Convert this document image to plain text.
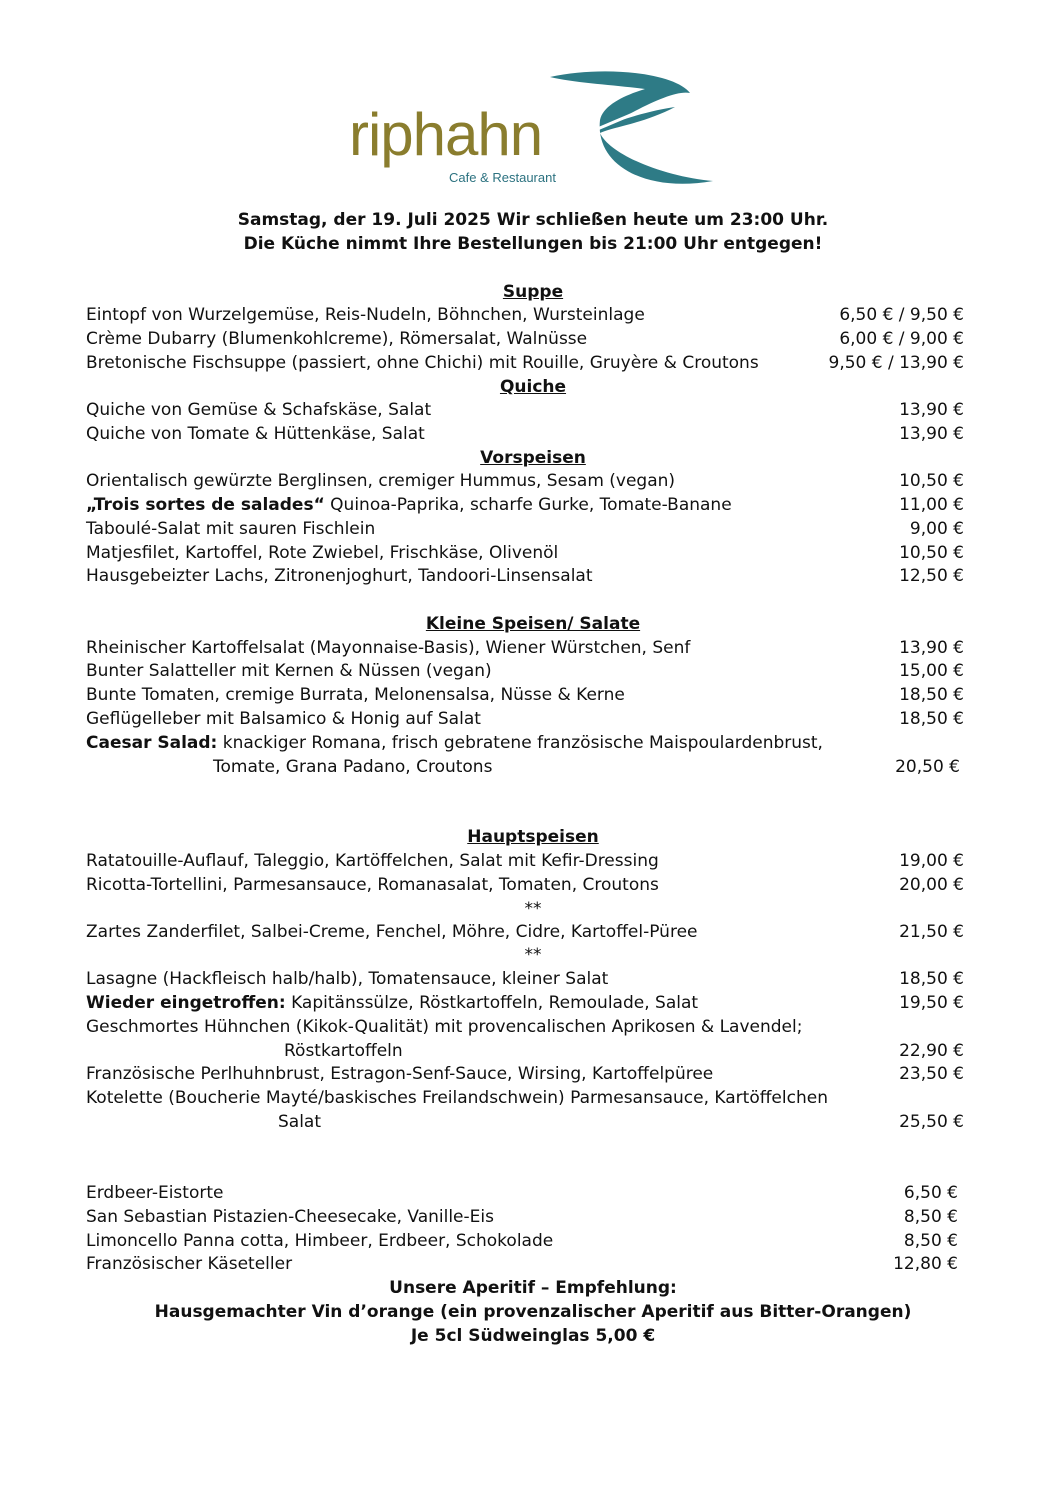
riphahn
Cafe & Restaurant
Samstag, der 19. Juli 2025 Wir schließen heute um 23:00 Uhr.
Die Küche nimmt Ihre Bestellungen bis 21:00 Uhr entgegen!
Suppe
Eintopf von Wurzelgemüse, Reis-Nudeln, Böhnchen, Wursteinlage	6,50 € / 9,50 €
Crème Dubarry (Blumenkohlcreme), Römersalat, Walnüsse	6,00 € / 9,00 €
Bretonische Fischsuppe (passiert, ohne Chichi) mit Rouille, Gruyère & Croutons	9,50 € / 13,90 €
Quiche
Quiche von Gemüse & Schafskäse, Salat	13,90 €
Quiche von Tomate & Hüttenkäse, Salat	13,90 €
Vorspeisen
Orientalisch gewürzte Berglinsen, cremiger Hummus, Sesam (vegan)	10,50 €
„Trois sortes de salades“ Quinoa-Paprika, scharfe Gurke, Tomate-Banane	11,00 €
Taboulé-Salat mit sauren Fischlein	9,00 €
Matjesfilet, Kartoffel, Rote Zwiebel, Frischkäse, Olivenöl	10,50 €
Hausgebeizter Lachs, Zitronenjoghurt, Tandoori-Linsensalat	12,50 €
Kleine Speisen/ Salate
Rheinischer Kartoffelsalat (Mayonnaise-Basis), Wiener Würstchen, Senf	13,90 €
Bunter Salatteller mit Kernen & Nüssen (vegan)	15,00 €
Bunte Tomaten, cremige Burrata, Melonensalsa, Nüsse & Kerne	18,50 €
Geflügelleber mit Balsamico & Honig auf Salat	18,50 €
Caesar Salad: knackiger Romana, frisch gebratene französische Maispoulardenbrust,
Tomate, Grana Padano, Croutons	20,50 €
Hauptspeisen
Ratatouille-Auflauf, Taleggio, Kartöffelchen, Salat mit Kefir-Dressing	19,00 €
Ricotta-Tortellini, Parmesansauce, Romanasalat, Tomaten, Croutons	20,00 €
**
Zartes Zanderfilet, Salbei-Creme, Fenchel, Möhre, Cidre, Kartoffel-Püree	21,50 €
**
Lasagne (Hackfleisch halb/halb), Tomatensauce, kleiner Salat	18,50 €
Wieder eingetroffen: Kapitänssülze, Röstkartoffeln, Remoulade, Salat	19,50 €
Geschmortes Hühnchen (Kikok-Qualität) mit provencalischen Aprikosen & Lavendel;
Röstkartoffeln	22,90 €
Französische Perlhuhnbrust, Estragon-Senf-Sauce, Wirsing, Kartoffelpüree	23,50 €
Kotelette (Boucherie Mayté/baskisches Freilandschwein) Parmesansauce, Kartöffelchen
Salat	25,50 €
Erdbeer-Eistorte	6,50 €
San Sebastian Pistazien-Cheesecake, Vanille-Eis	8,50 €
Limoncello Panna cotta, Himbeer, Erdbeer, Schokolade	8,50 €
Französischer Käseteller	12,80 €
Unsere Aperitif – Empfehlung:
Hausgemachter Vin d’orange (ein provenzalischer Aperitif aus Bitter-Orangen)
Je 5cl Südweinglas 5,00 €
